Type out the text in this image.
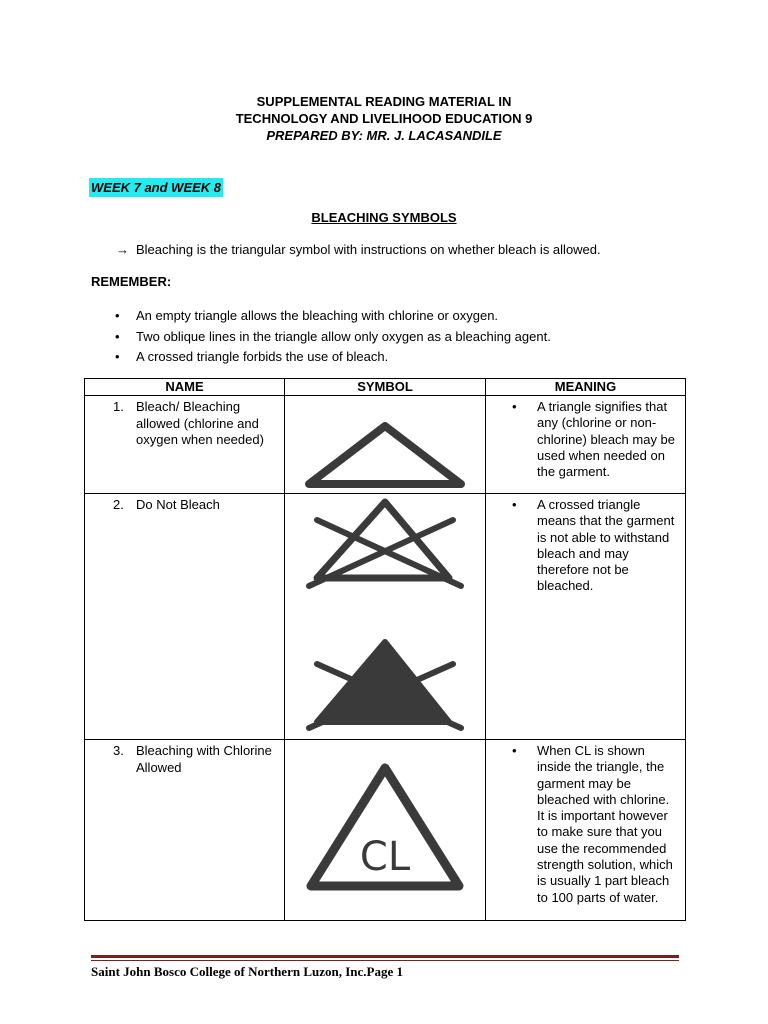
SUPPLEMENTAL READING MATERIAL IN
TECHNOLOGY AND LIVELIHOOD EDUCATION 9
PREPARED BY: MR. J. LACASANDILE
WEEK 7 and WEEK 8
BLEACHING SYMBOLS
→ Bleaching is the triangular symbol with instructions on whether bleach is allowed.
REMEMBER:
• An empty triangle allows the bleaching with chlorine or oxygen.
• Two oblique lines in the triangle allow only oxygen as a bleaching agent.
• A crossed triangle forbids the use of bleach.
NAME	SYMBOL	MEANING

1. Bleach/ Bleaching allowed (chlorine and oxygen when needed)		• A triangle signifies that any (chlorine or non-chlorine) bleach may be used when needed on the garment.

2. Do Not Bleach		• A crossed triangle means that the garment is not able to withstand bleach and may therefore not be bleached.

3. Bleaching with Chlorine Allowed	CL	• When CL is shown inside the triangle, the garment may be bleached with chlorine. It is important however to make sure that you use the recommended strength solution, which is usually 1 part bleach to 100 parts of water.
Saint John Bosco College of Northern Luzon, Inc.Page 1
